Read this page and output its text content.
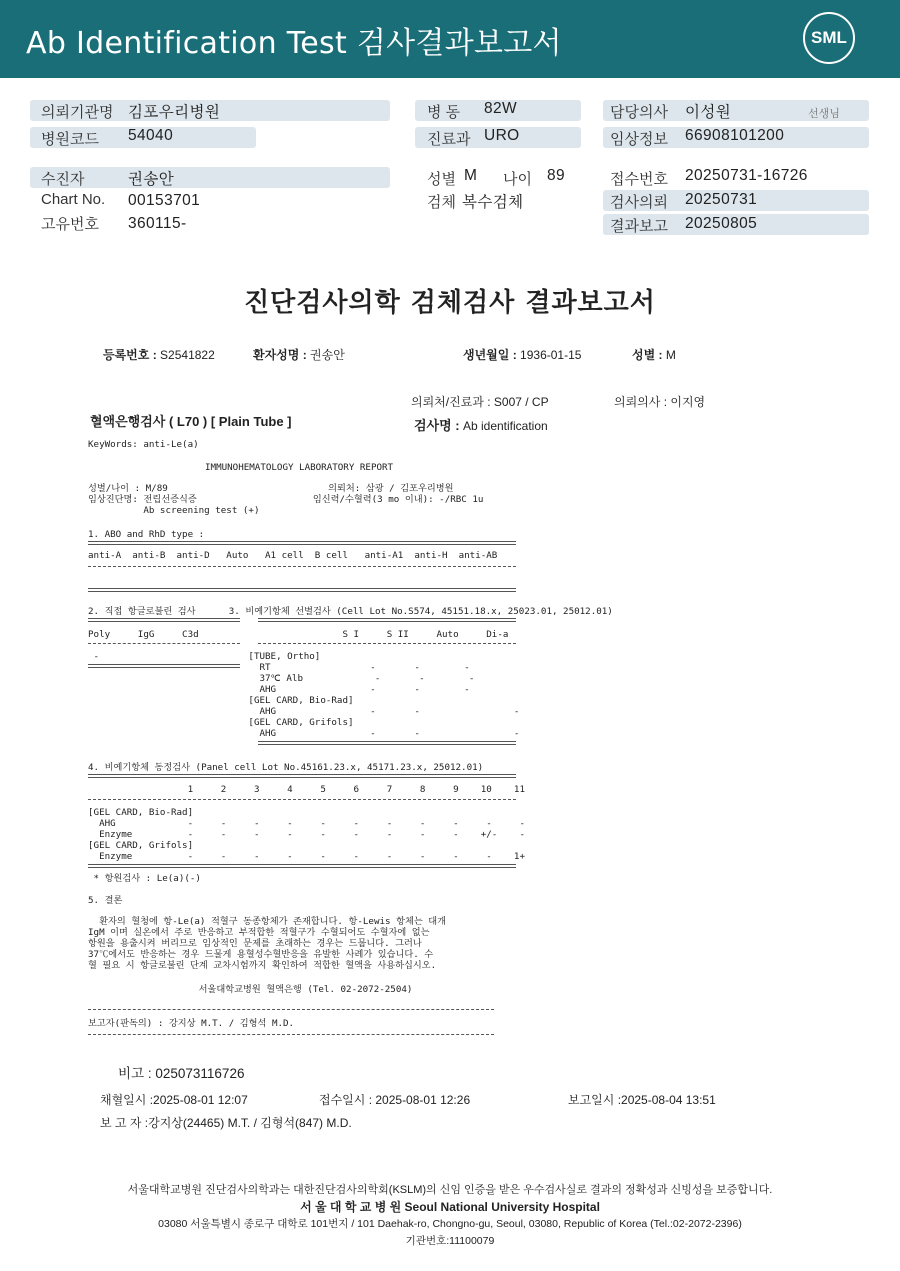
Ab Identification Test 검사결과보고서	SML
의뢰기관명 김포우리병원
병원코드 54040
병 동 82W
진료과 URO
담당의사 이성원	선생님
임상정보 66908101200
수진자	권송안
Chart No. 00153701
고유번호 360115-
성별 M 나이 89
검체 복수검체
접수번호 20250731-16726
검사의뢰 20250731
결과보고 20250805
진단검사의학 검체검사 결과보고서
등록번호 : S2541822	환자성명 : 권송안	생년월일 : 1936-01-15	성별 : M
의뢰처/진료과 : S007 / CP	의뢰의사 : 이지영
혈액은행검사 ( L70 ) [ Plain Tube ]	검사명 : Ab identification
KeyWords: anti-Le(a)
IMMUNOHEMATOLOGY LABORATORY REPORT
성별/나이 : M/89                             의뢰처: 삼광 / 김포우리병원
임상진단명: 전립선증식증                     임신력/수혈력(3 mo 이내): -/RBC 1u
Ab screening test (+)
1. ABO and RhD type :
anti-A  anti-B  anti-D   Auto   A1 cell  B cell   anti-A1  anti-H  anti-AB
2. 직접 항글로불린 검사      3. 비예기항체 선별검사 (Cell Lot No.S574, 45151.18.x, 25023.01, 25012.01)
Poly     IgG     C3d                          S I     S II     Auto     Di-a
-                           [TUBE, Ortho]
RT                  -       -        -
37℃ Alb             -       -        -
AHG                 -       -        -
[GEL CARD, Bio-Rad]
AHG                 -       -                 -
[GEL CARD, Grifols]
AHG                 -       -                 -
4. 비예기항체 동정검사 (Panel cell Lot No.45161.23.x, 45171.23.x, 25012.01)
1     2     3     4     5     6     7     8     9    10    11
[GEL CARD, Bio-Rad]
AHG             -     -     -     -     -     -     -     -     -     -     -
Enzyme          -     -     -     -     -     -     -     -     -    +/-    -
[GEL CARD, Grifols]
Enzyme          -     -     -     -     -     -     -     -     -     -    1+
* 항원검사 : Le(a)(-)
5. 결론
환자의 혈청에 항-Le(a) 적혈구 동종항체가 존재합니다. 항-Lewis 항체는 대개
IgM 이며 실온에서 주로 반응하고 부적합한 적혈구가 수혈되어도 수혈자에 없는
항원을 용출시켜 버리므로 임상적인 문제를 초래하는 경우는 드뭅니다. 그러나
37℃에서도 반응하는 경우 드물게 용혈성수혈반응을 유발한 사례가 있습니다. 수
혈 필요 시 항글로불린 단계 교차시험까지 확인하여 적합한 혈액을 사용하십시오.
서울대학교병원 혈액은행 (Tel. 02-2072-2504)
보고자(판독의) : 강지상 M.T. / 김형석 M.D.
비고 : 025073116726
채혈일시 :2025-08-01 12:07	접수일시 : 2025-08-01 12:26	보고일시 :2025-08-04 13:51
보 고 자 :강지상(24465) M.T. / 김형석(847) M.D.
서울대학교병원 진단검사의학과는 대한진단검사의학회(KSLM)의 신임 인증을 받은 우수검사실로 결과의 정확성과 신빙성을 보증합니다.
서 울 대 학 교 병 원 Seoul National University Hospital
03080 서울특별시 종로구 대학로 101번지 / 101 Daehak-ro, Chongno-gu, Seoul, 03080, Republic of Korea (Tel.:02-2072-2396)
기관번호:11100079
